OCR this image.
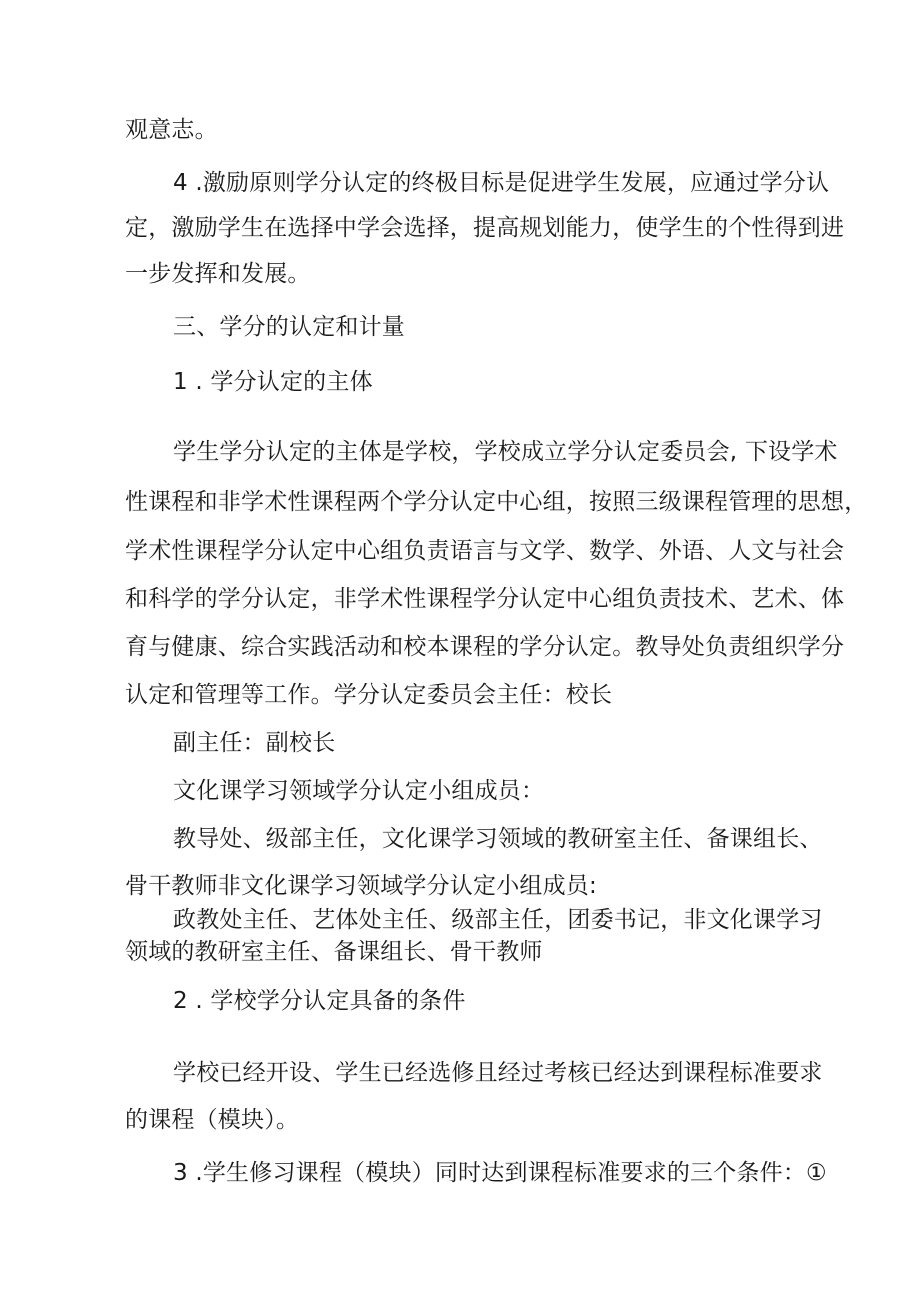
观意志。
4 .激励原则学分认定的终极目标是促进学生发展，应通过学分认
定，激励学生在选择中学会选择，提高规划能力，使学生的个性得到进
一步发挥和发展。
三、学分的认定和计量
1 . 学分认定的主体
学生学分认定的主体是学校，学校成立学分认定委员会, 下设学术
性课程和非学术性课程两个学分认定中心组，按照三级课程管理的思想，
学术性课程学分认定中心组负责语言与文学、数学、外语、人文与社会
和科学的学分认定，非学术性课程学分认定中心组负责技术、艺术、体
育与健康、综合实践活动和校本课程的学分认定。教导处负责组织学分
认定和管理等工作。学分认定委员会主任：校长
副主任：副校长
文化课学习领域学分认定小组成员：
教导处、级部主任，文化课学习领域的教研室主任、备课组长、
骨干教师非文化课学习领域学分认定小组成员:
政教处主任、艺体处主任、级部主任，团委书记，非文化课学习
领域的教研室主任、备课组长、骨干教师
2 . 学校学分认定具备的条件
学校已经开设、学生已经选修且经过考核已经达到课程标准要求
的课程（模块）。
3 .学生修习课程（模块）同时达到课程标准要求的三个条件：①
